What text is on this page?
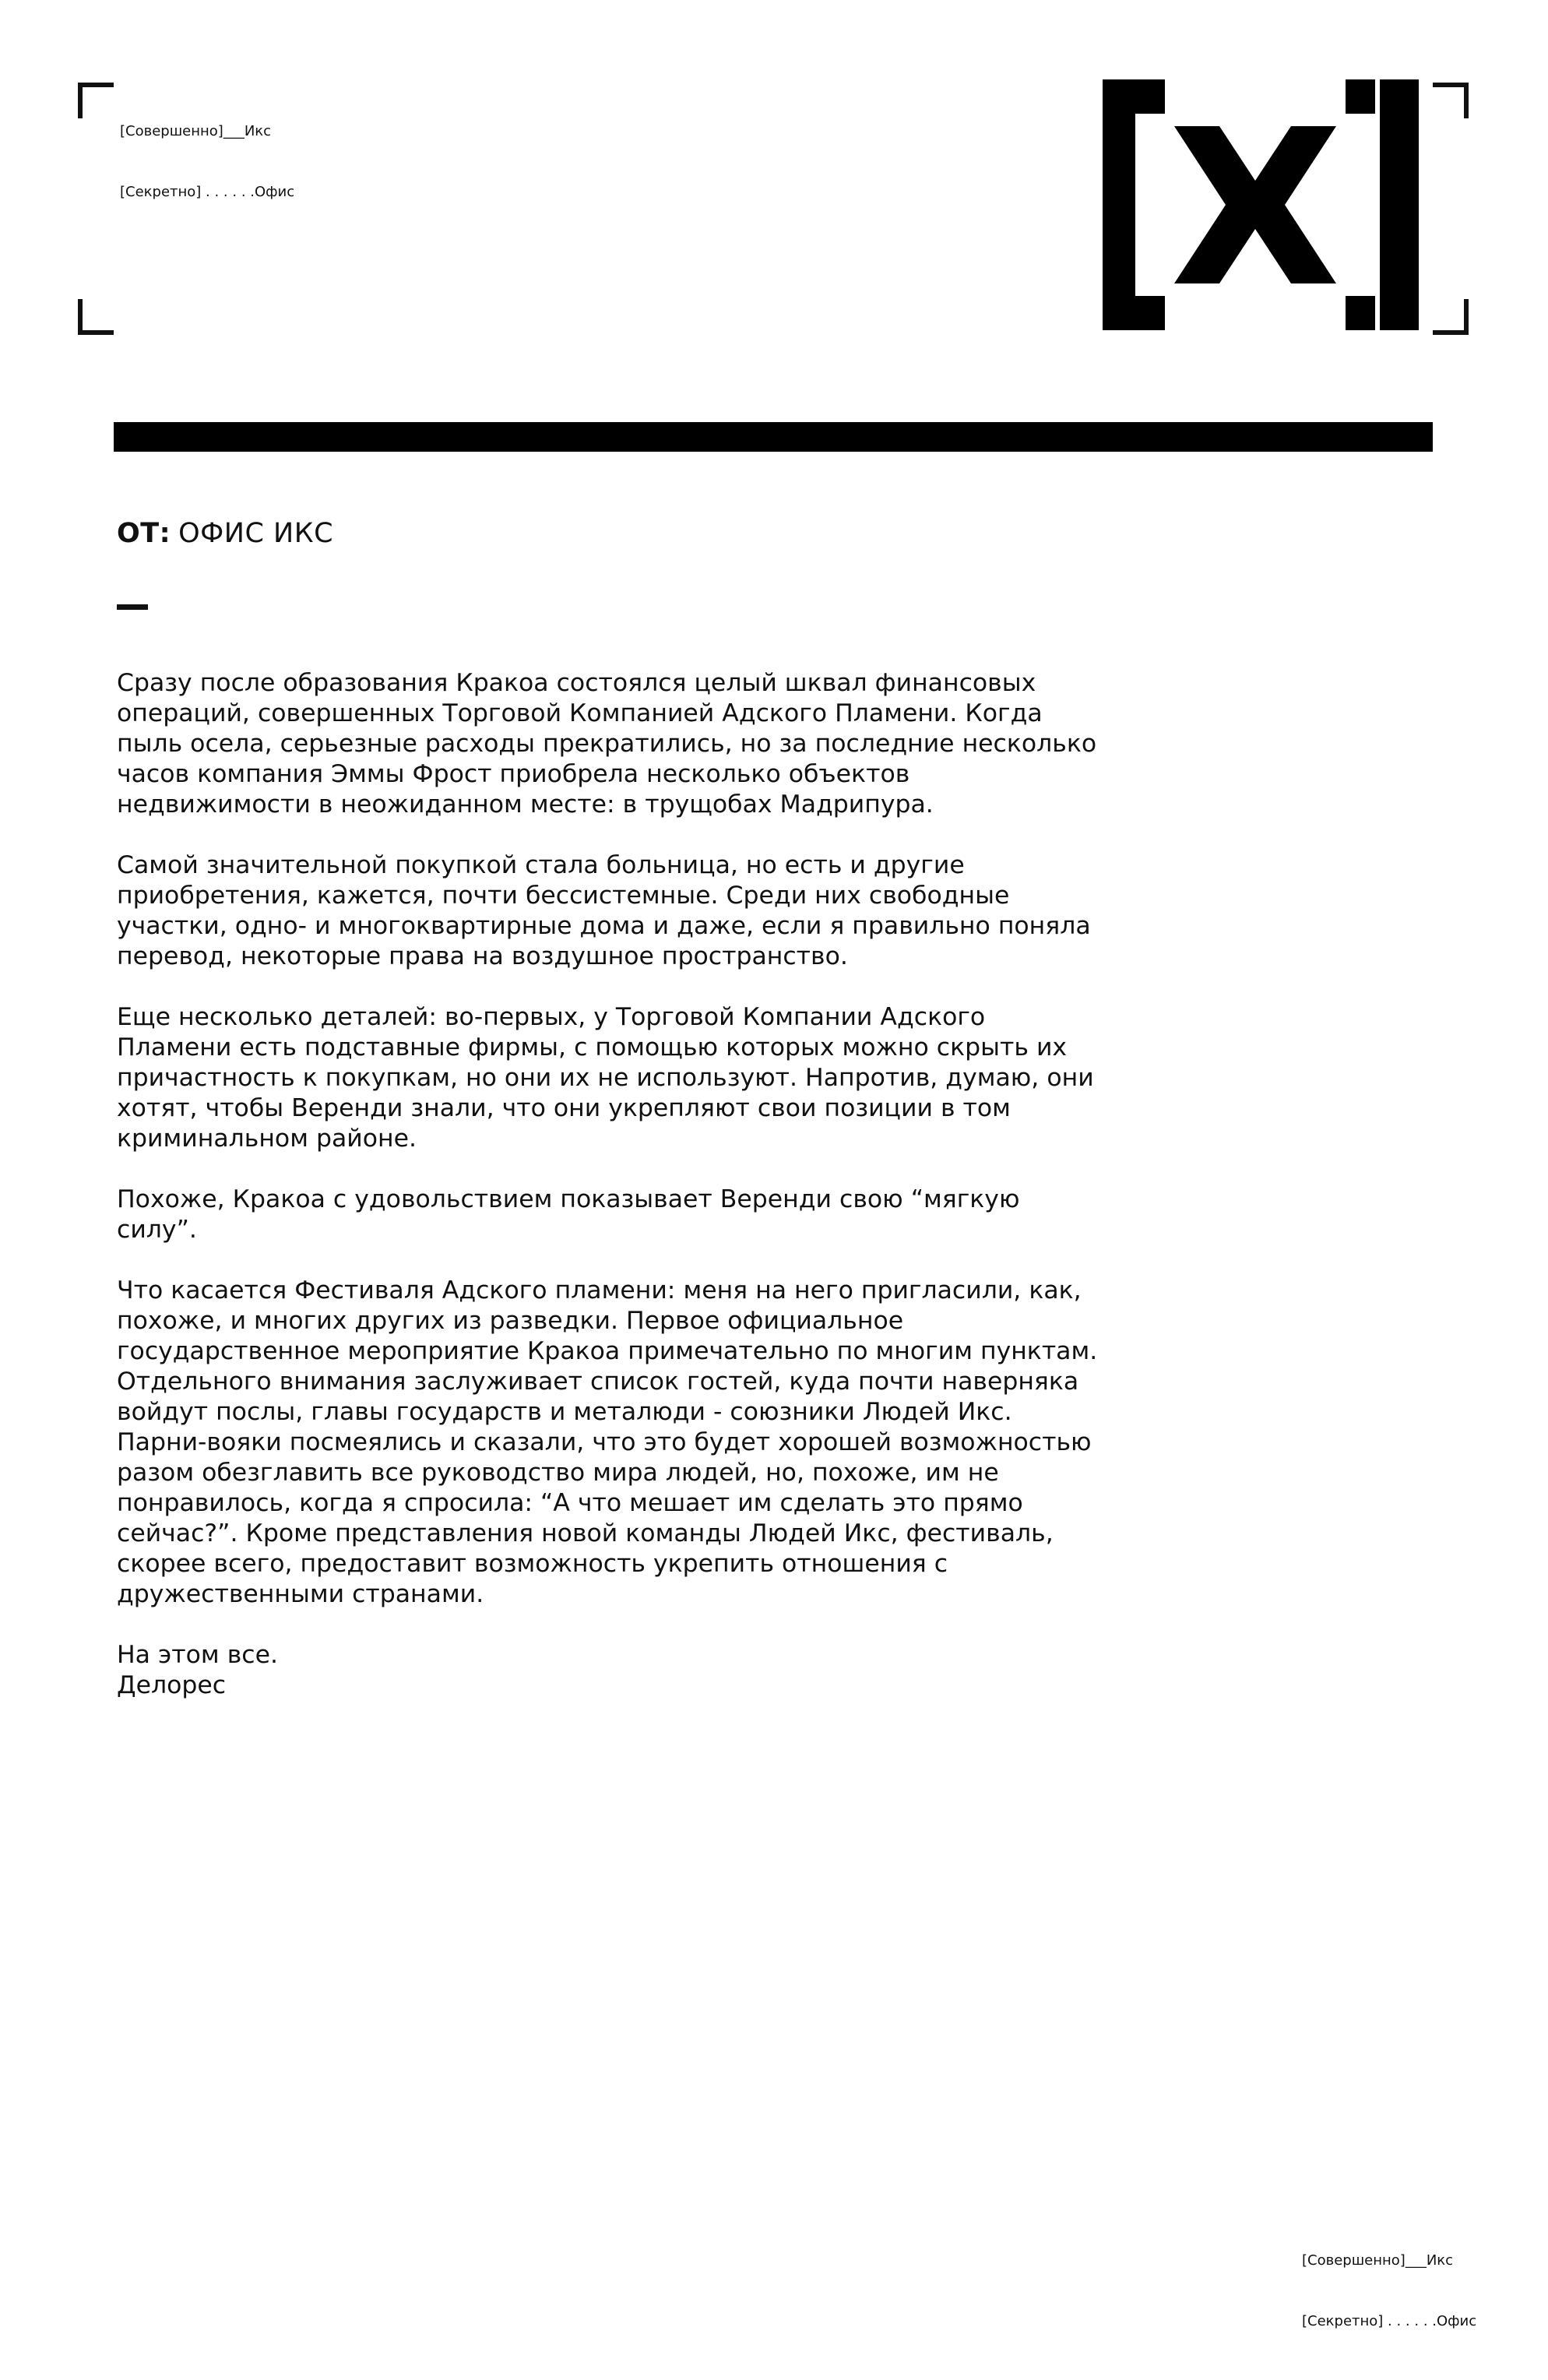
[Совершенно]___Икс

[Секретно] . . . . . .Офис

ОТ: ОФИС ИКС

Сразу после образования Кракоа состоялся целый шквал финансовых операций, совершенных Торговой Компанией Адского Пламени. Когда пыль осела, серьезные расходы прекратились, но за последние несколько часов компания Эммы Фрост приобрела несколько объектов недвижимости в неожиданном месте: в трущобах Мадрипура.

Самой значительной покупкой стала больница, но есть и другие приобретения, кажется, почти бессистемные. Среди них свободные участки, одно- и многоквартирные дома и даже, если я правильно поняла перевод, некоторые права на воздушное пространство.

Еще несколько деталей: во-первых, у Торговой Компании Адского Пламени есть подставные фирмы, с помощью которых можно скрыть их причастность к покупкам, но они их не используют. Напротив, думаю, они хотят, чтобы Веренди знали, что они укрепляют свои позиции в том криминальном районе.

Похоже, Кракоа с удовольствием показывает Веренди свою “мягкую силу”.

Что касается Фестиваля Адского пламени: меня на него пригласили, как, похоже, и многих других из разведки. Первое официальное государственное мероприятие Кракоа примечательно по многим пунктам. Отдельного внимания заслуживает список гостей, куда почти наверняка войдут послы, главы государств и металюди - союзники Людей Икс. Парни-вояки посмеялись и сказали, что это будет хорошей возможностью разом обезглавить все руководство мира людей, но, похоже, им не понравилось, когда я спросила: “А что мешает им сделать это прямо сейчас?”. Кроме представления новой команды Людей Икс, фестиваль, скорее всего, предоставит возможность укрепить отношения с дружественными странами.

На этом все.
Делорес

[Совершенно]___Икс

[Секретно] . . . . . .Офис
